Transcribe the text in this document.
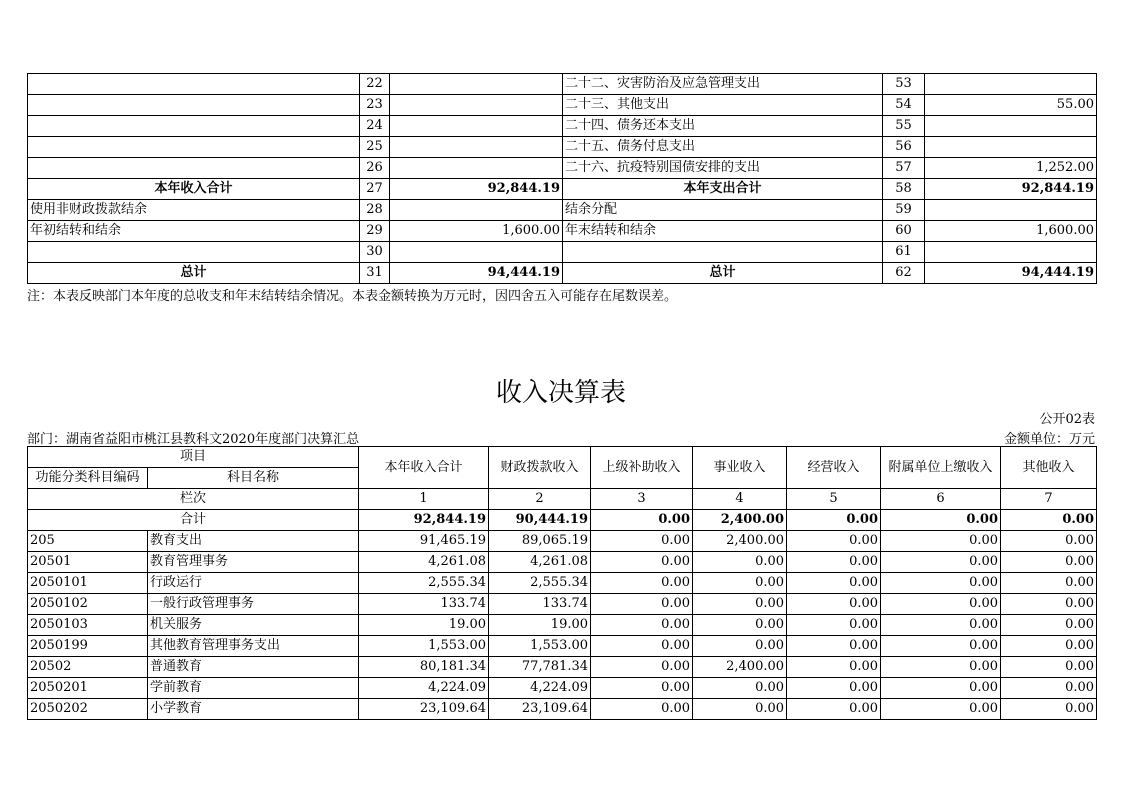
	22		二十二、灾害防治及应急管理支出	53	
	23		二十三、其他支出	54	55.00
	24		二十四、债务还本支出	55	
	25		二十五、债务付息支出	56	
	26		二十六、抗疫特别国债安排的支出	57	1,252.00
本年收入合计	27	92,844.19	本年支出合计	58	92,844.19
使用非财政拨款结余	28		结余分配	59	
年初结转和结余	29	1,600.00	年末结转和结余	60	1,600.00
	30			61	
总计	31	94,444.19	总计	62	94,444.19
注：本表反映部门本年度的总收支和年末结转结余情况。本表金额转换为万元时，因四舍五入可能存在尾数误差。
收入决算表
公开02表
部门：湖南省益阳市桃江县教科文2020年度部门决算汇总	金额单位：万元
项目		本年收入合计	财政拨款收入	上级补助收入	事业收入	经营收入	附属单位上缴收入	其他收入
功能分类科目编码	科目名称							
栏次		1	2	3	4	5	6	7
合计		92,844.19	90,444.19	0.00	2,400.00	0.00	0.00	0.00
205	教育支出	91,465.19	89,065.19	0.00	2,400.00	0.00	0.00	0.00
20501	教育管理事务	4,261.08	4,261.08	0.00	0.00	0.00	0.00	0.00
2050101	行政运行	2,555.34	2,555.34	0.00	0.00	0.00	0.00	0.00
2050102	一般行政管理事务	133.74	133.74	0.00	0.00	0.00	0.00	0.00
2050103	机关服务	19.00	19.00	0.00	0.00	0.00	0.00	0.00
2050199	其他教育管理事务支出	1,553.00	1,553.00	0.00	0.00	0.00	0.00	0.00
20502	普通教育	80,181.34	77,781.34	0.00	2,400.00	0.00	0.00	0.00
2050201	学前教育	4,224.09	4,224.09	0.00	0.00	0.00	0.00	0.00
2050202	小学教育	23,109.64	23,109.64	0.00	0.00	0.00	0.00	0.00
